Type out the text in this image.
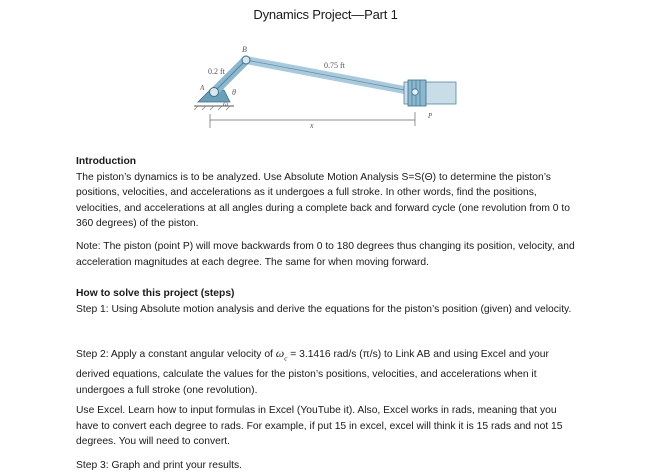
Dynamics Project—Part 1
B
0.2 ft
0.75 ft
θ
ω
A
x
P

Introduction

The piston’s dynamics is to be analyzed. Use Absolute Motion Analysis S=S(Θ) to determine the piston’s positions, velocities, and accelerations as it undergoes a full stroke. In other words, find the positions, velocities, and accelerations at all angles during a complete back and forward cycle (one revolution from 0 to 360 degrees) of the piston.

Note: The piston (point P) will move backwards from 0 to 180 degrees thus changing its position, velocity, and acceleration magnitudes at each degree. The same for when moving forward.

How to solve this project (steps)

Step 1: Using Absolute motion analysis and derive the equations for the piston’s position (given) and velocity.

Step 2: Apply a constant angular velocity of $\omega_c = 3.1416$ rad/s (π/s) to Link AB and using Excel and your derived equations, calculate the values for the piston’s positions, velocities, and accelerations when it undergoes a full stroke (one revolution).

Use Excel. Learn how to input formulas in Excel (YouTube it). Also, Excel works in rads, meaning that you have to convert each degree to rads. For example, if put 15 in excel, excel will think it is 15 rads and not 15 degrees. You will need to convert.

Step 3: Graph and print your results.
